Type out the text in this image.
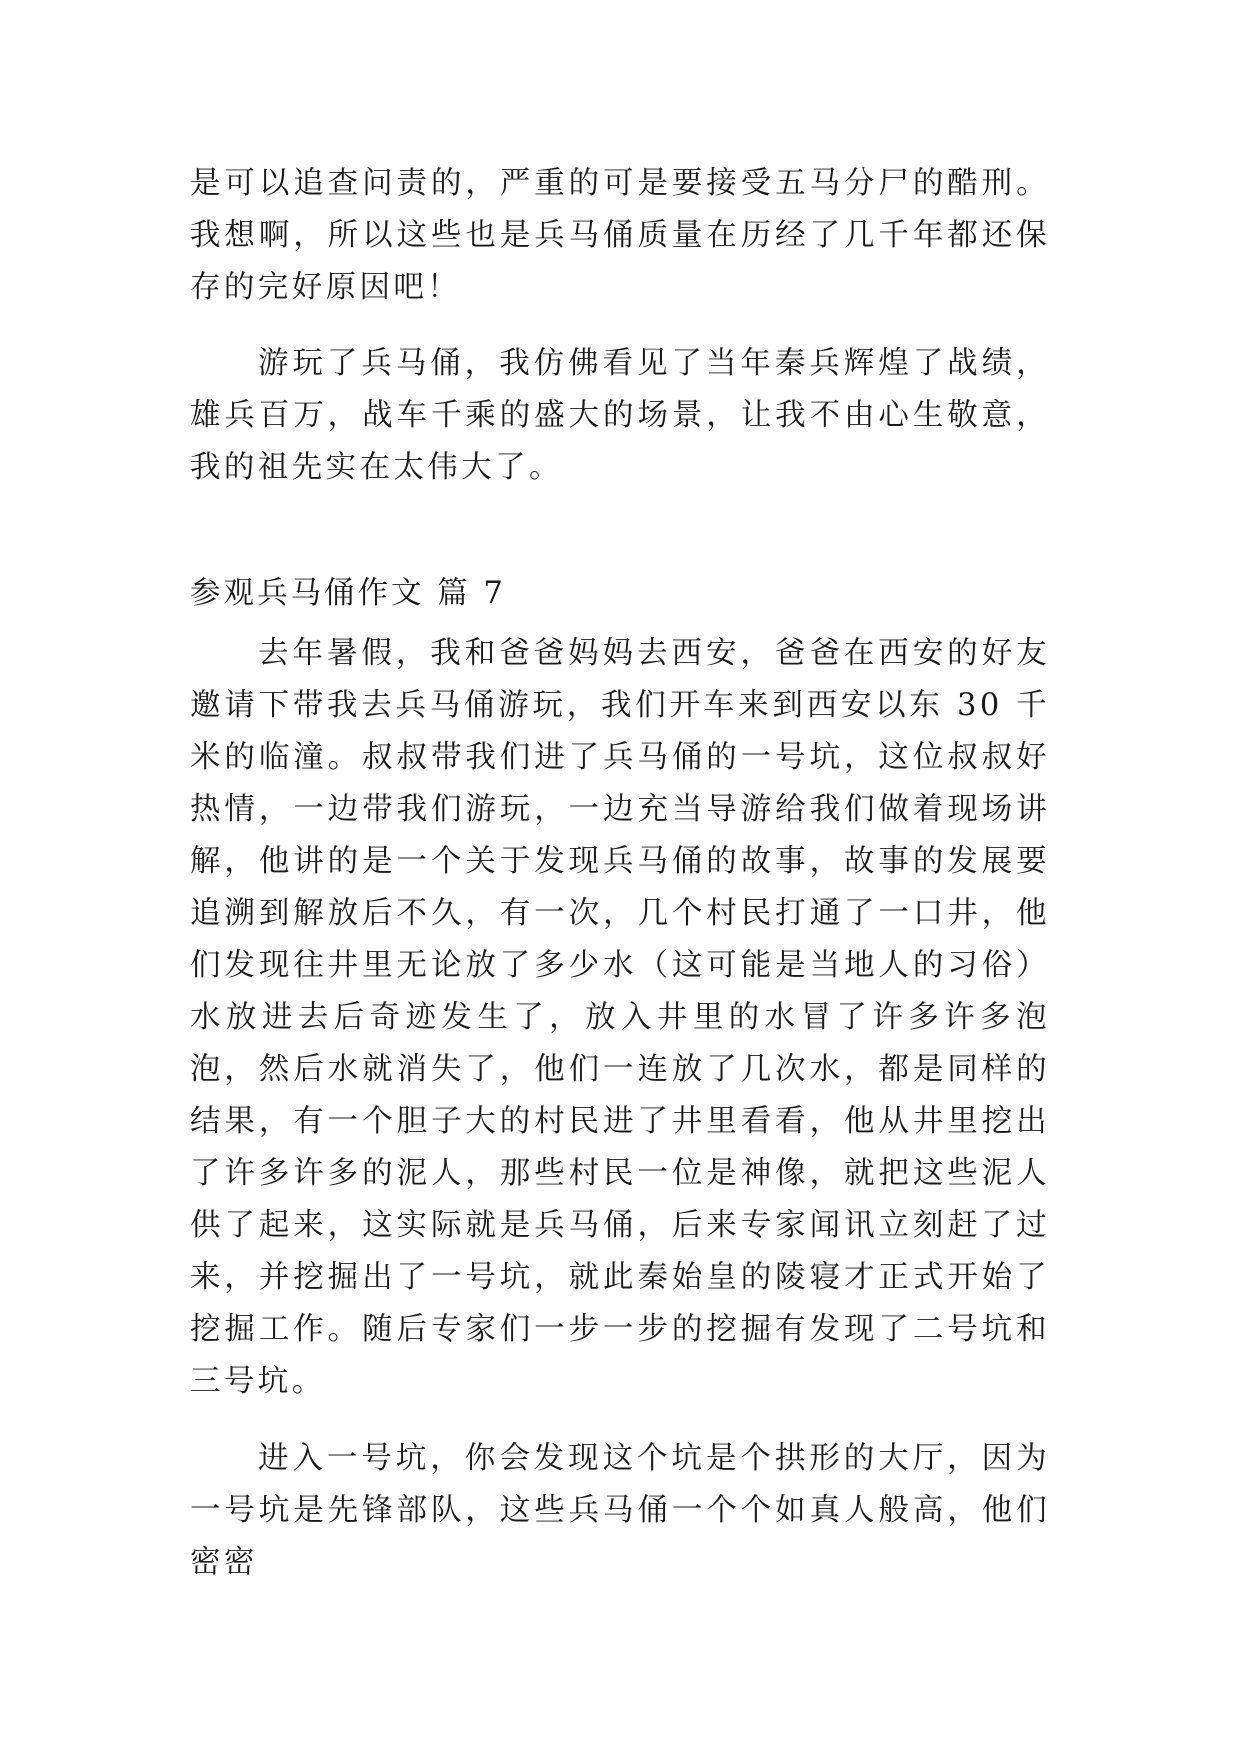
是可以追查问责的，严重的可是要接受五马分尸的酷刑。我想啊，所以这些也是兵马俑质量在历经了几千年都还保存的完好原因吧！

游玩了兵马俑，我仿佛看见了当年秦兵辉煌了战绩，雄兵百万，战车千乘的盛大的场景，让我不由心生敬意，我的祖先实在太伟大了。

参观兵马俑作文 篇 7

去年暑假，我和爸爸妈妈去西安，爸爸在西安的好友邀请下带我去兵马俑游玩，我们开车来到西安以东 30 千米的临潼。叔叔带我们进了兵马俑的一号坑，这位叔叔好热情，一边带我们游玩，一边充当导游给我们做着现场讲解，他讲的是一个关于发现兵马俑的故事，故事的发展要追溯到解放后不久，有一次，几个村民打通了一口井，他们发现往井里无论放了多少水（这可能是当地人的习俗）水放进去后奇迹发生了，放入井里的水冒了许多许多泡泡，然后水就消失了，他们一连放了几次水，都是同样的结果，有一个胆子大的村民进了井里看看，他从井里挖出了许多许多的泥人，那些村民一位是神像，就把这些泥人供了起来，这实际就是兵马俑，后来专家闻讯立刻赶了过来，并挖掘出了一号坑，就此秦始皇的陵寝才正式开始了挖掘工作。随后专家们一步一步的挖掘有发现了二号坑和三号坑。

进入一号坑，你会发现这个坑是个拱形的大厅，因为一号坑是先锋部队，这些兵马俑一个个如真人般高，他们密密
